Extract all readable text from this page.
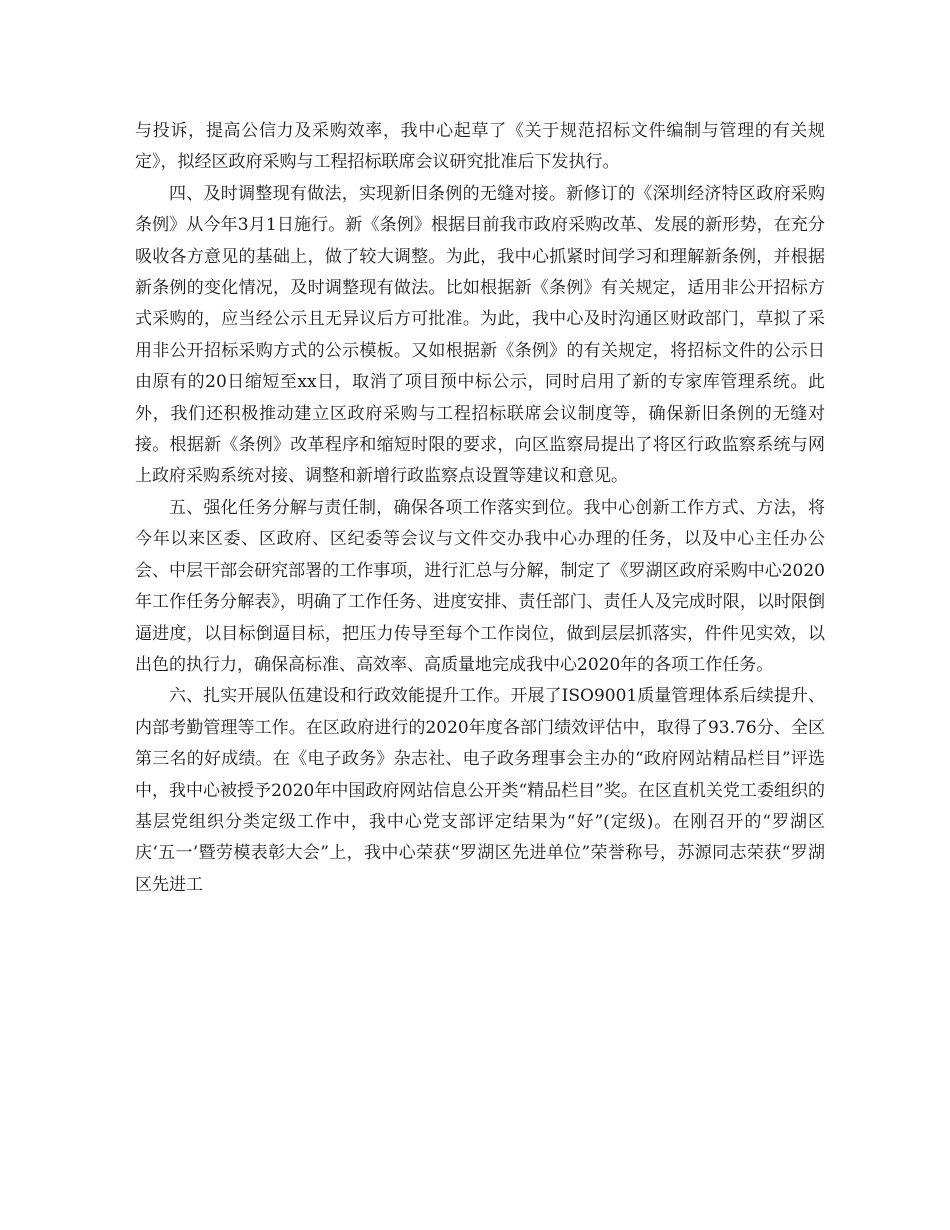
与投诉，提高公信力及采购效率，我中心起草了《关于规范招标文件编制与管理的有关规定》，拟经区政府采购与工程招标联席会议研究批准后下发执行。

四、及时调整现有做法，实现新旧条例的无缝对接。新修订的《深圳经济特区政府采购条例》从今年3月1日施行。新《条例》根据目前我市政府采购改革、发展的新形势，在充分吸收各方意见的基础上，做了较大调整。为此，我中心抓紧时间学习和理解新条例，并根据新条例的变化情况，及时调整现有做法。比如根据新《条例》有关规定，适用非公开招标方式采购的，应当经公示且无异议后方可批准。为此，我中心及时沟通区财政部门，草拟了采用非公开招标采购方式的公示模板。又如根据新《条例》的有关规定，将招标文件的公示日由原有的20日缩短至xx日，取消了项目预中标公示，同时启用了新的专家库管理系统。此外，我们还积极推动建立区政府采购与工程招标联席会议制度等，确保新旧条例的无缝对接。根据新《条例》改革程序和缩短时限的要求，向区监察局提出了将区行政监察系统与网上政府采购系统对接、调整和新增行政监察点设置等建议和意见。

五、强化任务分解与责任制，确保各项工作落实到位。我中心创新工作方式、方法，将今年以来区委、区政府、区纪委等会议与文件交办我中心办理的任务，以及中心主任办公会、中层干部会研究部署的工作事项，进行汇总与分解，制定了《罗湖区政府采购中心2020年工作任务分解表》，明确了工作任务、进度安排、责任部门、责任人及完成时限，以时限倒逼进度，以目标倒逼目标，把压力传导至每个工作岗位，做到层层抓落实，件件见实效，以出色的执行力，确保高标准、高效率、高质量地完成我中心2020年的各项工作任务。

六、扎实开展队伍建设和行政效能提升工作。开展了ISO9001质量管理体系后续提升、内部考勤管理等工作。在区政府进行的2020年度各部门绩效评估中，取得了93.76分、全区第三名的好成绩。在《电子政务》杂志社、电子政务理事会主办的“政府网站精品栏目”评选中，我中心被授予2020年中国政府网站信息公开类“精品栏目”奖。在区直机关党工委组织的基层党组织分类定级工作中，我中心党支部评定结果为“好”(定级)。在刚召开的“罗湖区庆‘五一’暨劳模表彰大会”上，我中心荣获“罗湖区先进单位”荣誉称号，苏源同志荣获“罗湖区先进工
